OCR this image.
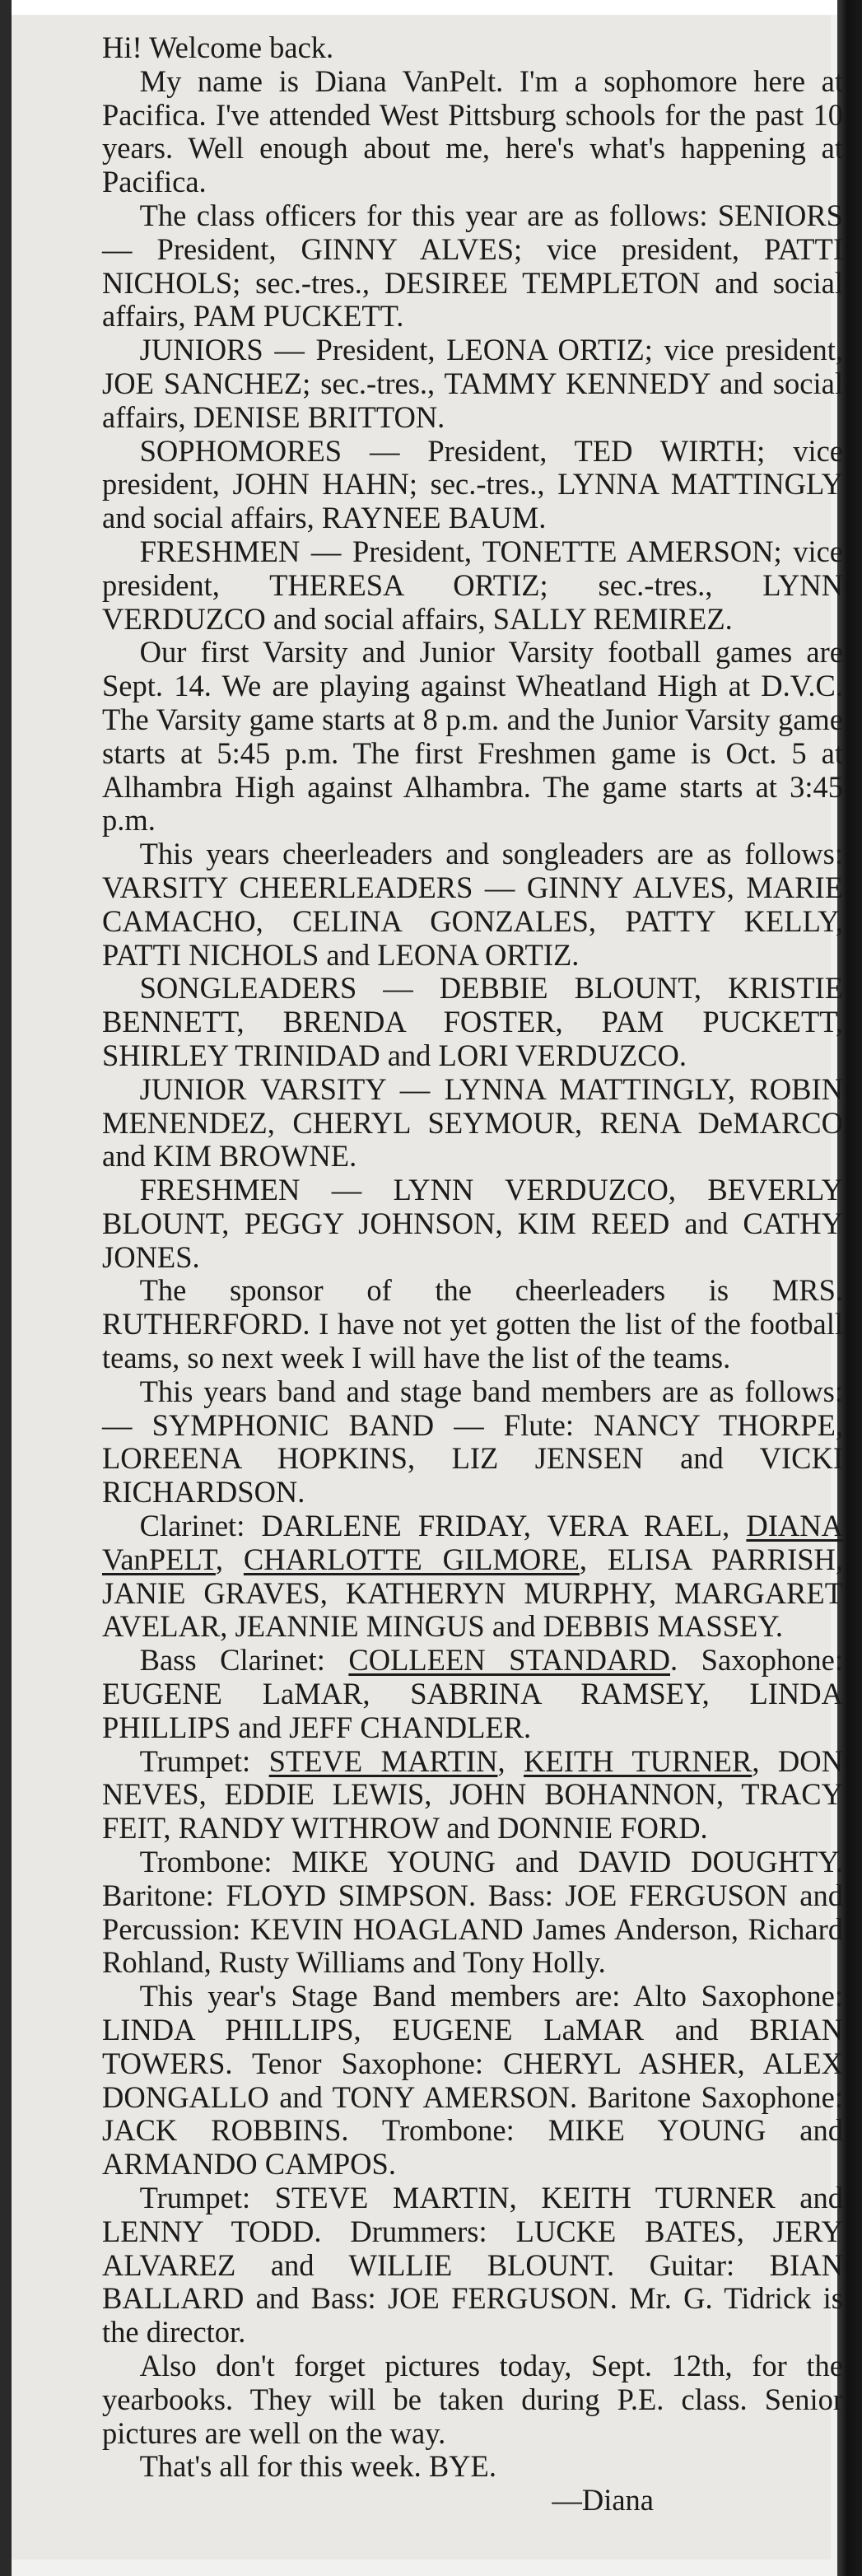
Hi! Welcome back.

My name is Diana VanPelt. I'm a sophomore here at Pacifica. I've attended West Pittsburg schools for the past 10 years. Well enough about me, here's what's happening at Pacifica.

The class officers for this year are as follows: SENIORS — President, GINNY ALVES; vice president, PATTI NICHOLS; sec.-tres., DESIREE TEMPLETON and social affairs, PAM PUCKETT.

JUNIORS — President, LEONA ORTIZ; vice president, JOE SANCHEZ; sec.-tres., TAMMY KENNEDY and social affairs, DENISE BRITTON.

SOPHOMORES — President, TED WIRTH; vice president, JOHN HAHN; sec.-tres., LYNNA MATTINGLY and social affairs, RAYNEE BAUM.

FRESHMEN — President, TONETTE AMERSON; vice president, THERESA ORTIZ; sec.-tres., LYNN VERDUZCO and social affairs, SALLY REMIREZ.

Our first Varsity and Junior Varsity football games are Sept. 14. We are playing against Wheatland High at D.V.C. The Varsity game starts at 8 p.m. and the Junior Varsity game starts at 5:45 p.m. The first Freshmen game is Oct. 5 at Alhambra High against Alhambra. The game starts at 3:45 p.m.

This years cheerleaders and songleaders are as follows: VARSITY CHEERLEADERS — GINNY ALVES, MARIE CAMACHO, CELINA GONZALES, PATTY KELLY, PATTI NICHOLS and LEONA ORTIZ.

SONGLEADERS — DEBBIE BLOUNT, KRISTIE BENNETT, BRENDA FOSTER, PAM PUCKETT, SHIRLEY TRINIDAD and LORI VERDUZCO.

JUNIOR VARSITY — LYNNA MATTINGLY, ROBIN MENENDEZ, CHERYL SEYMOUR, RENA DeMARCO and KIM BROWNE.

FRESHMEN — LYNN VERDUZCO, BEVERLY BLOUNT, PEGGY JOHNSON, KIM REED and CATHY JONES.

The sponsor of the cheerleaders is MRS. RUTHERFORD. I have not yet gotten the list of the football teams, so next week I will have the list of the teams.

This years band and stage band members are as follows: — SYMPHONIC BAND — Flute: NANCY THORPE, LOREENA HOPKINS, LIZ JENSEN and VICKI RICHARDSON.

Clarinet: DARLENE FRIDAY, VERA RAEL, DIANA VanPELT, CHARLOTTE GILMORE, ELISA PARRISH, JANIE GRAVES, KATHERYN MURPHY, MARGARET AVELAR, JEANNIE MINGUS and DEBBIS MASSEY.

Bass Clarinet: COLLEEN STANDARD. Saxophone: EUGENE LaMAR, SABRINA RAMSEY, LINDA PHILLIPS and JEFF CHANDLER.

Trumpet: STEVE MARTIN, KEITH TURNER, DON NEVES, EDDIE LEWIS, JOHN BOHANNON, TRACY FEIT, RANDY WITHROW and DONNIE FORD.

Trombone: MIKE YOUNG and DAVID DOUGHTY. Baritone: FLOYD SIMPSON. Bass: JOE FERGUSON and Percussion: KEVIN HOAGLAND James Anderson, Richard Rohland, Rusty Williams and Tony Holly.

This year's Stage Band members are: Alto Saxophone: LINDA PHILLIPS, EUGENE LaMAR and BRIAN TOWERS. Tenor Saxophone: CHERYL ASHER, ALEX DONGALLO and TONY AMERSON. Baritone Saxophone: JACK ROBBINS. Trombone: MIKE YOUNG and ARMANDO CAMPOS.

Trumpet: STEVE MARTIN, KEITH TURNER and LENNY TODD. Drummers: LUCKE BATES, JERY ALVAREZ and WILLIE BLOUNT. Guitar: BIAN BALLARD and Bass: JOE FERGUSON. Mr. G. Tidrick is the director.

Also don't forget pictures today, Sept. 12th, for the yearbooks. They will be taken during P.E. class. Senior pictures are well on the way.

That's all for this week. BYE.

—Diana
